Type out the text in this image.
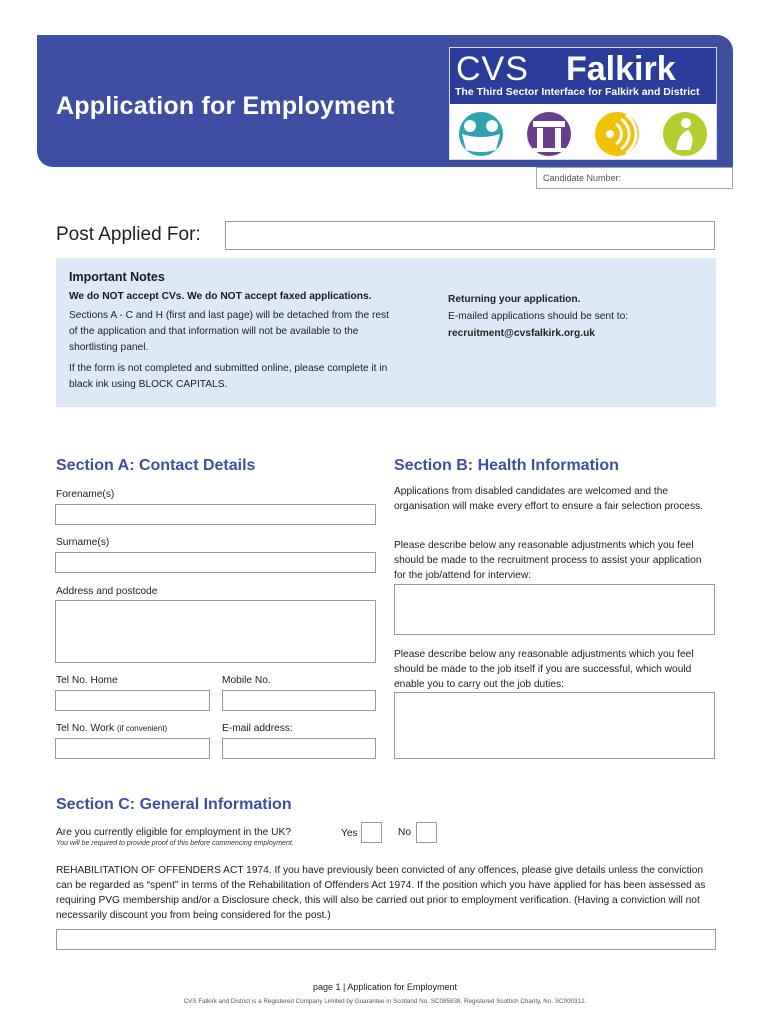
Application for Employment
CVS Falkirk
The Third Sector Interface for Falkirk and District
Candidate Number:
Post Applied For:
Important Notes
We do NOT accept CVs. We do NOT accept faxed applications.
Sections A - C and H (first and last page) will be detached from the rest of the application and that information will not be available to the shortlisting panel.
If the form is not completed and submitted online, please complete it in black ink using BLOCK CAPITALS.
Returning your application.
E-mailed applications should be sent to:
recruitment@cvsfalkirk.org.uk
Section A: Contact Details
Forename(s)
Surname(s)
Address and postcode
Tel No. Home	Mobile No.
Tel No. Work (if convenient)	E-mail address:
Section B: Health Information
Applications from disabled candidates are welcomed and the organisation will make every effort to ensure a fair selection process.
Please describe below any reasonable adjustments which you feel should be made to the recruitment process to assist your application for the job/attend for interview:
Please describe below any reasonable adjustments which you feel should be made to the job itself if you are successful, which would enable you to carry out the job duties:
Section C: General Information
Are you currently eligible for employment in the UK?
You will be required to provide proof of this before commencing employment.
Yes	No
REHABILITATION OF OFFENDERS ACT 1974. If you have previously been convicted of any offences, please give details unless the conviction can be regarded as “spent” in terms of the Rehabilitation of Offenders Act 1974. If the position which you have applied for has been assessed as requiring PVG membership and/or a Disclosure check, this will also be carried out prior to employment verification. (Having a conviction will not necessarily discount you from being considered for the post.)
page 1 | Application for Employment
CVS Falkirk and District is a Registered Company Limited by Guarantee in Scotland No. SC085838. Registered Scottish Charity, No. SC000312.
